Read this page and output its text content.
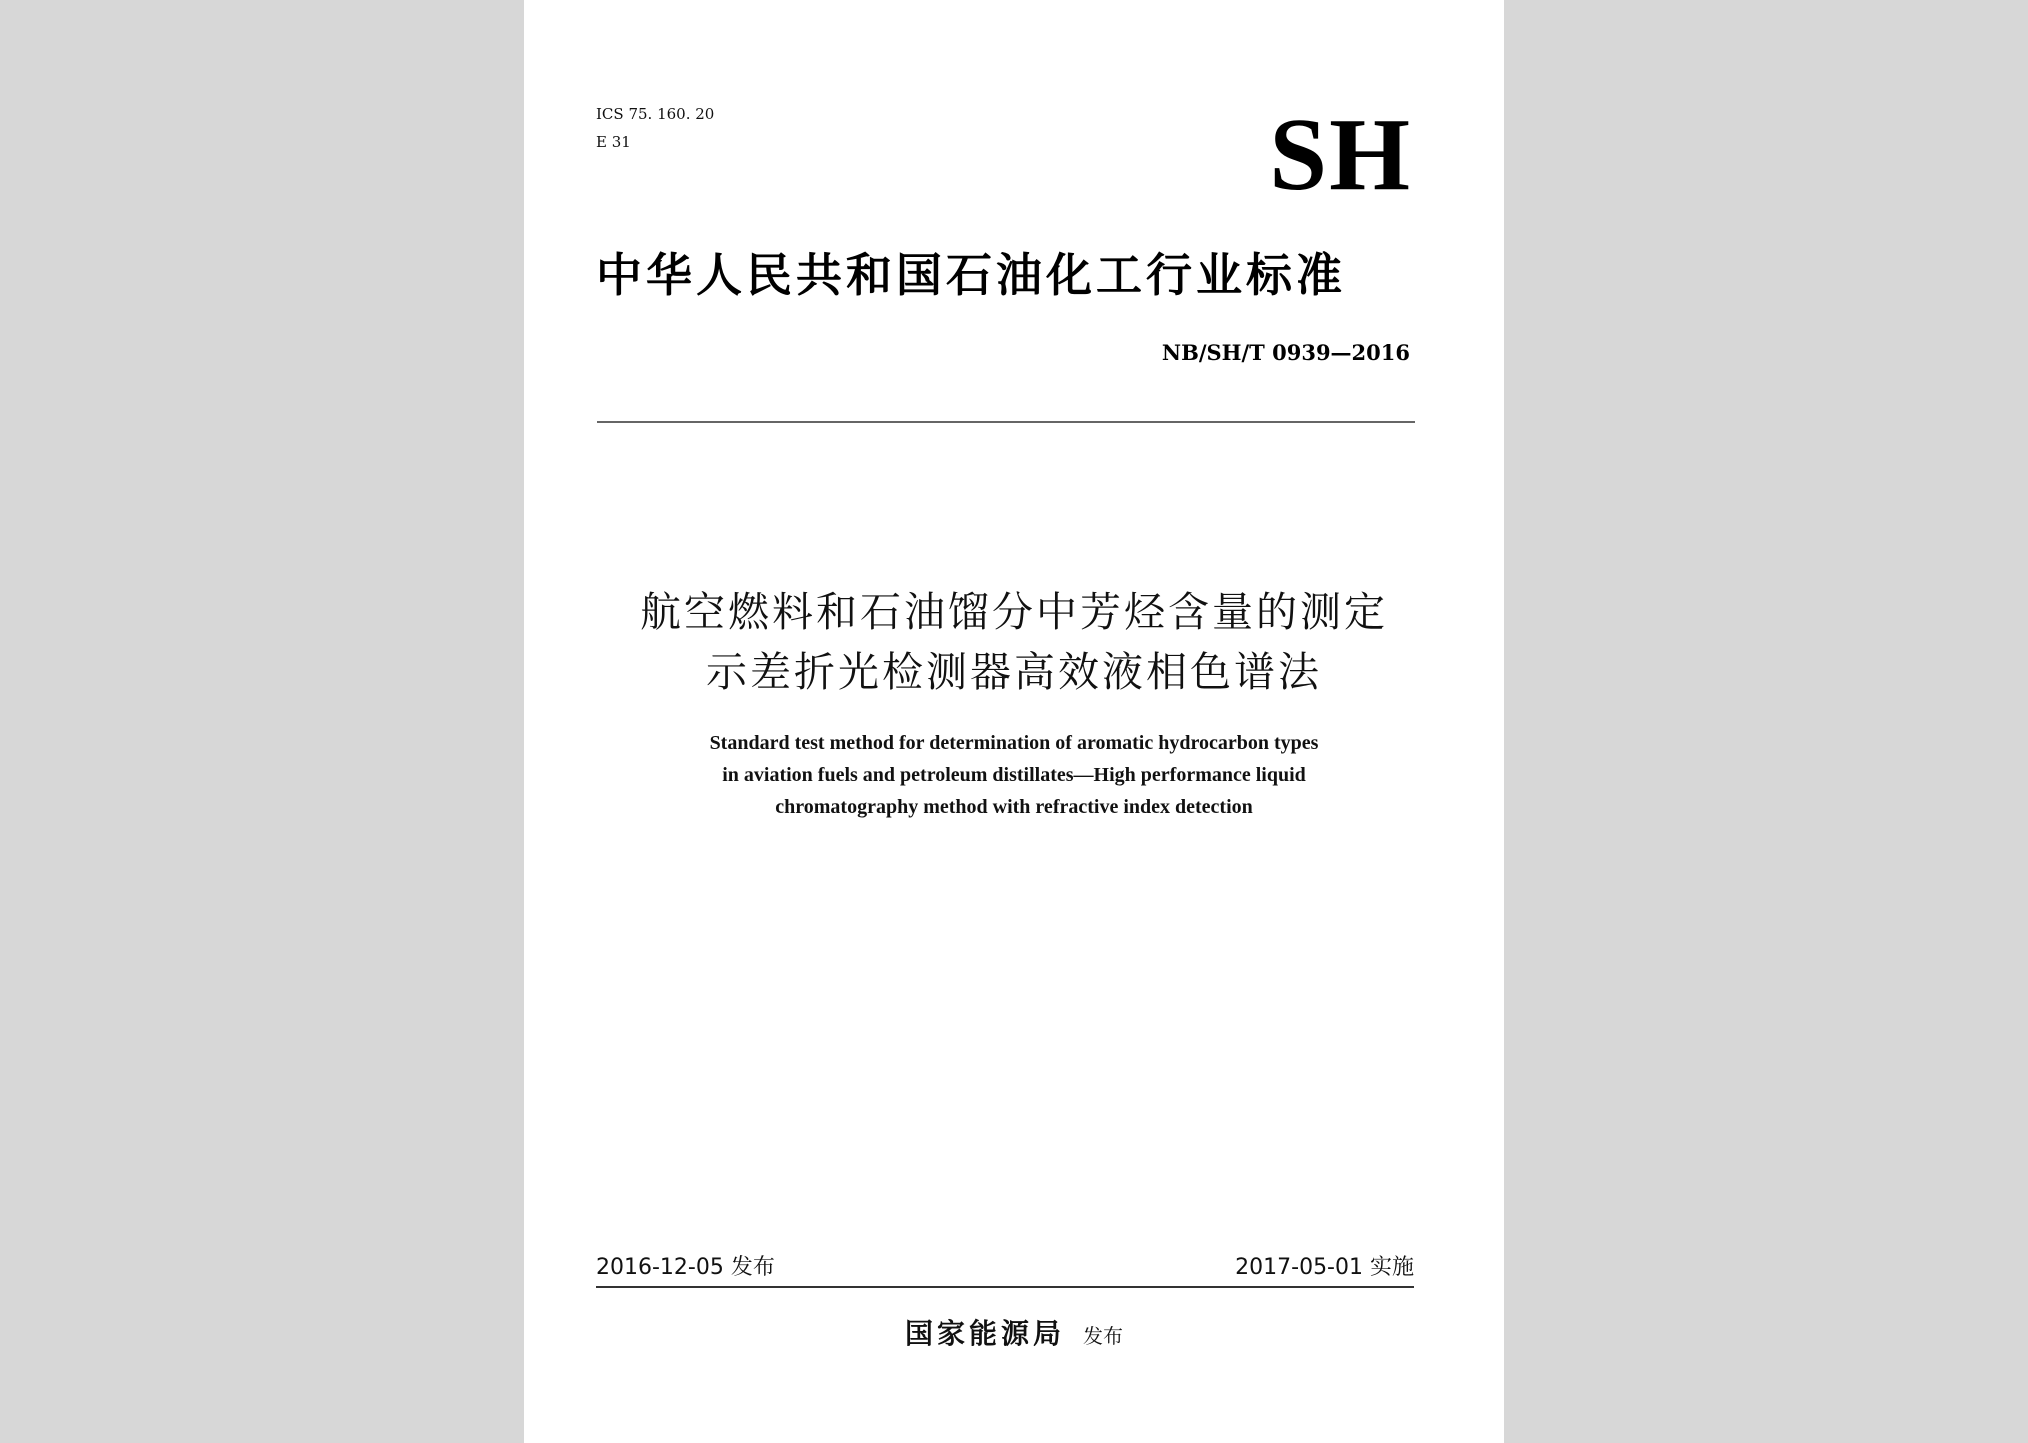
ICS 75. 160. 20
E 31	SH
中华人民共和国石油化工行业标准
NB/SH/T 0939—2016
航空燃料和石油馏分中芳烃含量的测定
示差折光检测器高效液相色谱法
Standard test method for determination of aromatic hydrocarbon types
in aviation fuels and petroleum distillates—High performance liquid
chromatography method with refractive index detection
2016-12-05 发布	2017-05-01 实施
国家能源局 发布
